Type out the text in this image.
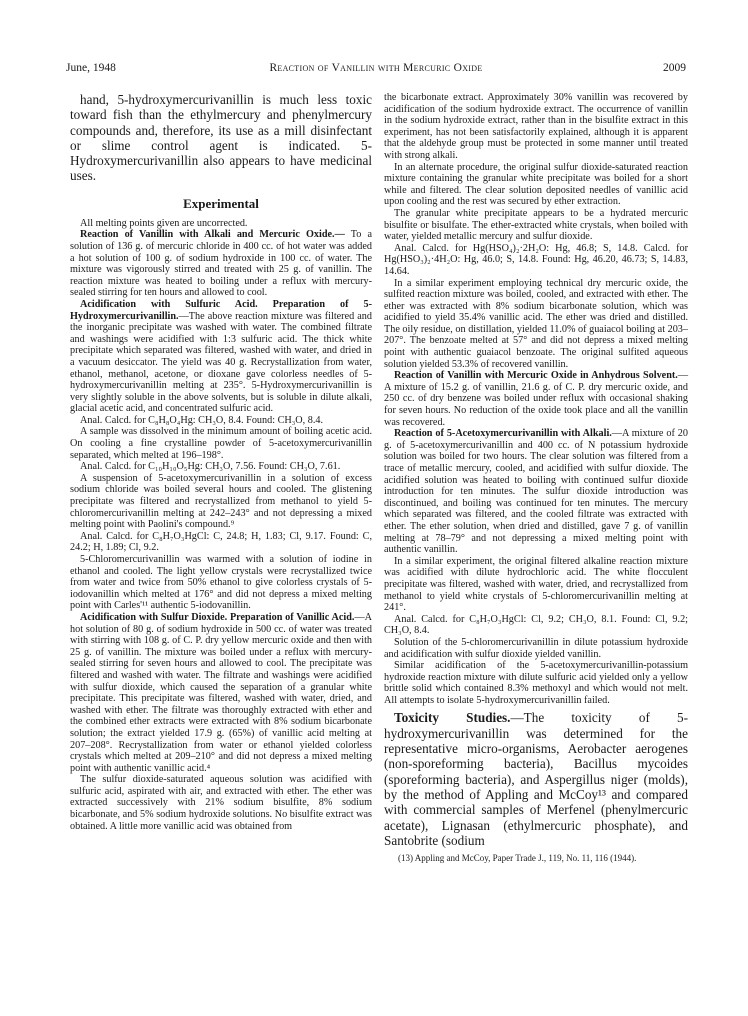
June, 1948	Reaction of Vanillin with Mercuric Oxide	2009

hand, 5-hydroxymercurivanillin is much less toxic toward fish than the ethylmercury and phenylmercury compounds and, therefore, its use as a mill disinfectant or slime control agent is indicated. 5-Hydroxymercurivanillin also appears to have medicinal uses.

Experimental

All melting points given are uncorrected.

Reaction of Vanillin with Alkali and Mercuric Oxide.— To a solution of 136 g. of mercuric chloride in 400 cc. of hot water was added a hot solution of 100 g. of sodium hydroxide in 100 cc. of water. The mixture was vigorously stirred and treated with 25 g. of vanillin. The reaction mixture was heated to boiling under a reflux with mercury-sealed stirring for ten hours and allowed to cool.

Acidification with Sulfuric Acid. Preparation of 5-Hydroxymercurivanillin.—The above reaction mixture was filtered and the inorganic precipitate was washed with water. The combined filtrate and washings were acidified with 1:3 sulfuric acid. The thick white precipitate which separated was filtered, washed with water, and dried in a vacuum desiccator. The yield was 40 g. Recrystallization from water, ethanol, methanol, acetone, or dioxane gave colorless needles of 5-hydroxymercurivanillin melting at 235°. 5-Hydroxymercurivanillin is very slightly soluble in the above solvents, but is soluble in dilute alkali, glacial acetic acid, and concentrated sulfuric acid.

Anal. Calcd. for C₈H₈O₄Hg: CH₃O, 8.4. Found: CH₃O, 8.4.

A sample was dissolved in the minimum amount of boiling acetic acid. On cooling a fine crystalline powder of 5-acetoxymercurivanillin separated, which melted at 196–198°.

Anal. Calcd. for C₁₀H₁₀O₅Hg: CH₃O, 7.56. Found: CH₃O, 7.61.

A suspension of 5-acetoxymercurivanillin in a solution of excess sodium chloride was boiled several hours and cooled. The glistening precipitate was filtered and recrystallized from methanol to yield 5-chloromercurivanillin melting at 242–243° and not depressing a mixed melting point with Paolini's compound.⁹

Anal. Calcd. for C₈H₇O₃HgCl: C, 24.8; H, 1.83; Cl, 9.17. Found: C, 24.2; H, 1.89; Cl, 9.2.

5-Chloromercurivanillin was warmed with a solution of iodine in ethanol and cooled. The light yellow crystals were recrystallized twice from water and twice from 50% ethanol to give colorless crystals of 5-iodovanillin which melted at 176° and did not depress a mixed melting point with Carles'¹¹ authentic 5-iodovanillin.

Acidification with Sulfur Dioxide. Preparation of Vanillic Acid.—A hot solution of 80 g. of sodium hydroxide in 500 cc. of water was treated with stirring with 108 g. of C. P. dry yellow mercuric oxide and then with 25 g. of vanillin. The mixture was boiled under a reflux with mercury-sealed stirring for seven hours and allowed to cool. The precipitate was filtered and washed with water. The filtrate and washings were acidified with sulfur dioxide, which caused the separation of a granular white precipitate. This precipitate was filtered, washed with water, dried, and washed with ether. The filtrate was thoroughly extracted with ether and the combined ether extracts were extracted with 8% sodium bicarbonate solution; the extract yielded 17.9 g. (65%) of vanillic acid melting at 207–208°. Recrystallization from water or ethanol yielded colorless crystals which melted at 209–210° and did not depress a mixed melting point with authentic vanillic acid.⁴

The sulfur dioxide-saturated aqueous solution was acidified with sulfuric acid, aspirated with air, and extracted with ether. The ether was extracted successively with 21% sodium bisulfite, 8% sodium bicarbonate, and 5% sodium hydroxide solutions. No bisulfite extract was obtained. A little more vanillic acid was obtained from

the bicarbonate extract. Approximately 30% vanillin was recovered by acidification of the sodium hydroxide extract. The occurrence of vanillin in the sodium hydroxide extract, rather than in the bisulfite extract in this experiment, has not been satisfactorily explained, although it is apparent that the aldehyde group must be protected in some manner until treated with strong alkali.

In an alternate procedure, the original sulfur dioxide-saturated reaction mixture containing the granular white precipitate was boiled for a short while and filtered. The clear solution deposited needles of vanillic acid upon cooling and the rest was secured by ether extraction.

The granular white precipitate appears to be a hydrated mercuric bisulfite or bisulfate. The ether-extracted white crystals, when boiled with water, yielded metallic mercury and sulfur dioxide.

Anal. Calcd. for Hg(HSO₄)₂·2H₂O: Hg, 46.8; S, 14.8. Calcd. for Hg(HSO₃)₂·4H₂O: Hg, 46.0; S, 14.8. Found: Hg, 46.20, 46.73; S, 14.83, 14.64.

In a similar experiment employing technical dry mercuric oxide, the sulfited reaction mixture was boiled, cooled, and extracted with ether. The ether was extracted with 8% sodium bicarbonate solution, which was acidified to yield 35.4% vanillic acid. The ether was dried and distilled. The oily residue, on distillation, yielded 11.0% of guaiacol boiling at 203–207°. The benzoate melted at 57° and did not depress a mixed melting point with authentic guaiacol benzoate. The original sulfited aqueous solution yielded 53.3% of recovered vanillin.

Reaction of Vanillin with Mercuric Oxide in Anhydrous Solvent.—A mixture of 15.2 g. of vanillin, 21.6 g. of C. P. dry mercuric oxide, and 250 cc. of dry benzene was boiled under reflux with occasional shaking for seven hours. No reduction of the oxide took place and all the vanillin was recovered.

Reaction of 5-Acetoxymercurivanillin with Alkali.—A mixture of 20 g. of 5-acetoxymercurivanillin and 400 cc. of N potassium hydroxide solution was boiled for two hours. The clear solution was filtered from a trace of metallic mercury, cooled, and acidified with sulfur dioxide. The acidified solution was heated to boiling with continued sulfur dioxide introduction for ten minutes. The sulfur dioxide introduction was discontinued, and boiling was continued for ten minutes. The mercury which separated was filtered, and the cooled filtrate was extracted with ether. The ether solution, when dried and distilled, gave 7 g. of vanillin melting at 78–79° and not depressing a mixed melting point with authentic vanillin.

In a similar experiment, the original filtered alkaline reaction mixture was acidified with dilute hydrochloric acid. The white flocculent precipitate was filtered, washed with water, dried, and recrystallized from methanol to yield white crystals of 5-chloromercurivanillin melting at 241°.

Anal. Calcd. for C₈H₇O₃HgCl: Cl, 9.2; CH₃O, 8.1. Found: Cl, 9.2; CH₃O, 8.4.

Solution of the 5-chloromercurivanillin in dilute potassium hydroxide and acidification with sulfur dioxide yielded vanillin.

Similar acidification of the 5-acetoxymercurivanillin-potassium hydroxide reaction mixture with dilute sulfuric acid yielded only a yellow brittle solid which contained 8.3% methoxyl and which would not melt. All attempts to isolate 5-hydroxymercurivanillin failed.

Toxicity Studies.—The toxicity of 5-hydroxymercurivanillin was determined for the representative micro-organisms, Aerobacter aerogenes (non-sporeforming bacteria), Bacillus mycoides (sporeforming bacteria), and Aspergillus niger (molds), by the method of Appling and McCoy¹³ and compared with commercial samples of Merfenel (phenylmercuric acetate), Lignasan (ethylmercuric phosphate), and Santobrite (sodium

(13) Appling and McCoy, Paper Trade J., 119, No. 11, 116 (1944).
